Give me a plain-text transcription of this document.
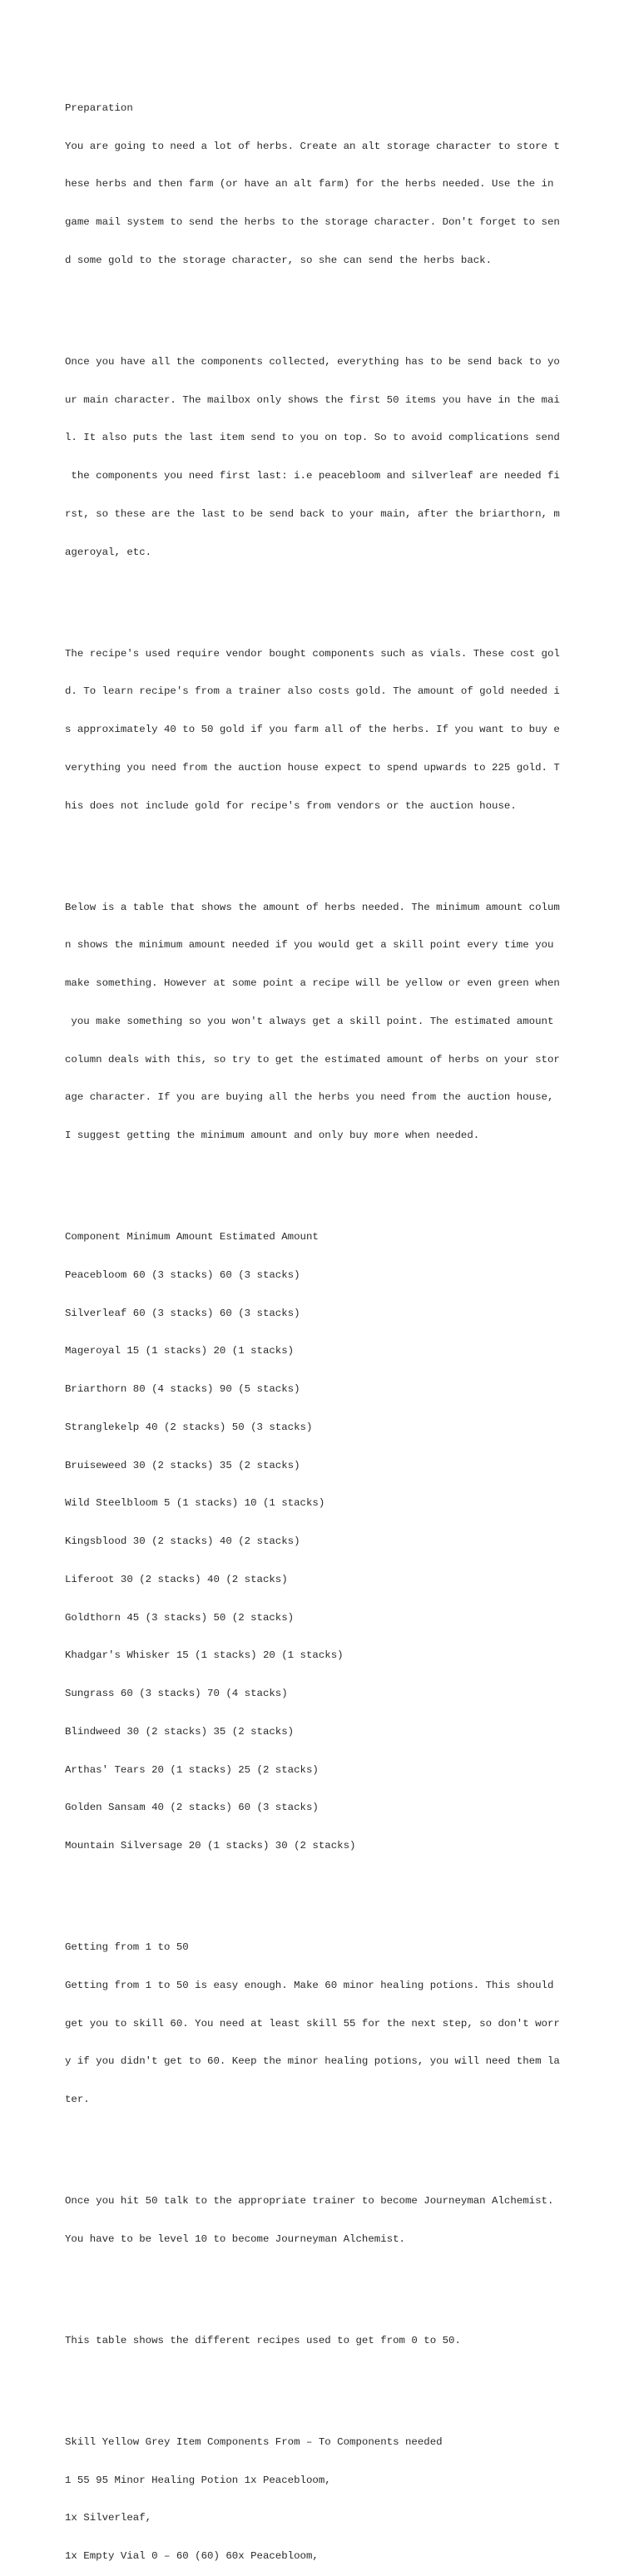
Preparation

You are going to need a lot of herbs. Create an alt storage character to store t

hese herbs and then farm (or have an alt farm) for the herbs needed. Use the in

game mail system to send the herbs to the storage character. Don't forget to sen

d some gold to the storage character, so she can send the herbs back.

Once you have all the components collected, everything has to be send back to yo

ur main character. The mailbox only shows the first 50 items you have in the mai

l. It also puts the last item send to you on top. So to avoid complications send

the components you need first last: i.e peacebloom and silverleaf are needed fi

rst, so these are the last to be send back to your main, after the briarthorn, m

ageroyal, etc.

The recipe's used require vendor bought components such as vials. These cost gol

d. To learn recipe's from a trainer also costs gold. The amount of gold needed i

s approximately 40 to 50 gold if you farm all of the herbs. If you want to buy e

verything you need from the auction house expect to spend upwards to 225 gold. T

his does not include gold for recipe's from vendors or the auction house.

Below is a table that shows the amount of herbs needed. The minimum amount colum

n shows the minimum amount needed if you would get a skill point every time you

make something. However at some point a recipe will be yellow or even green when

you make something so you won't always get a skill point. The estimated amount

column deals with this, so try to get the estimated amount of herbs on your stor

age character. If you are buying all the herbs you need from the auction house,

I suggest getting the minimum amount and only buy more when needed.

Component Minimum Amount Estimated Amount

Peacebloom 60 (3 stacks) 60 (3 stacks)

Silverleaf 60 (3 stacks) 60 (3 stacks)

Mageroyal 15 (1 stacks) 20 (1 stacks)

Briarthorn 80 (4 stacks) 90 (5 stacks)

Stranglekelp 40 (2 stacks) 50 (3 stacks)

Bruiseweed 30 (2 stacks) 35 (2 stacks)

Wild Steelbloom 5 (1 stacks) 10 (1 stacks)

Kingsblood 30 (2 stacks) 40 (2 stacks)

Liferoot 30 (2 stacks) 40 (2 stacks)

Goldthorn 45 (3 stacks) 50 (2 stacks)

Khadgar's Whisker 15 (1 stacks) 20 (1 stacks)

Sungrass 60 (3 stacks) 70 (4 stacks)

Blindweed 30 (2 stacks) 35 (2 stacks)

Arthas' Tears 20 (1 stacks) 25 (2 stacks)

Golden Sansam 40 (2 stacks) 60 (3 stacks)

Mountain Silversage 20 (1 stacks) 30 (2 stacks)

Getting from 1 to 50

Getting from 1 to 50 is easy enough. Make 60 minor healing potions. This should

get you to skill 60. You need at least skill 55 for the next step, so don't worr

y if you didn't get to 60. Keep the minor healing potions, you will need them la

ter.

Once you hit 50 talk to the appropriate trainer to become Journeyman Alchemist.

You have to be level 10 to become Journeyman Alchemist.

This table shows the different recipes used to get from 0 to 50.

Skill Yellow Grey Item Components From – To Components needed

1 55 95 Minor Healing Potion 1x Peacebloom,

1x Silverleaf,

1x Empty Vial 0 – 60 (60) 60x Peacebloom,
